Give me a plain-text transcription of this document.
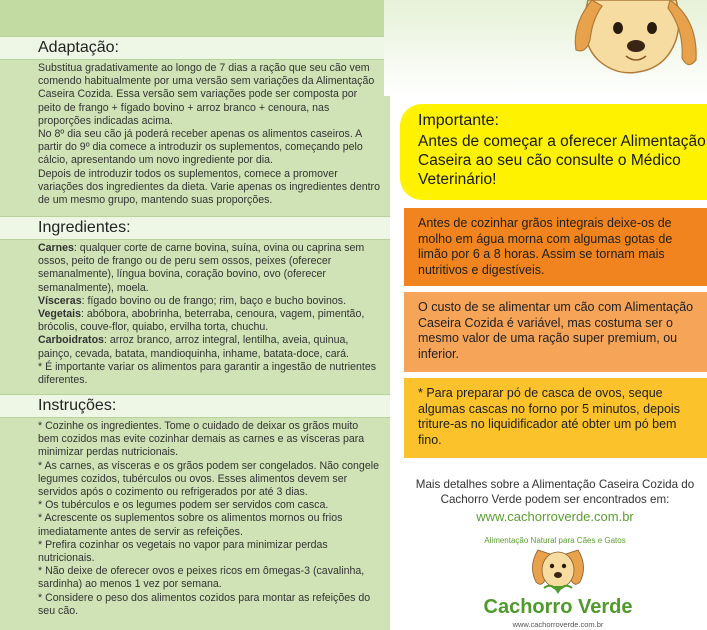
Adaptação:

Substitua gradativamente ao longo de 7 dias a ração que seu cão vem comendo habitualmente por uma versão sem variações da Alimentação Caseira Cozida. Essa versão sem variações pode ser composta por peito de frango + fígado bovino + arroz branco + cenoura, nas proporções indicadas acima.

No 8º dia seu cão já poderá receber apenas os alimentos caseiros. A partir do 9º dia comece a introduzir os suplementos, começando pelo cálcio, apresentando um novo ingrediente por dia.

Depois de introduzir todos os suplementos, comece a promover variações dos ingredientes da dieta. Varie apenas os ingredientes dentro de um mesmo grupo, mantendo suas proporções.

Ingredientes:

Carnes: qualquer corte de carne bovina, suína, ovina ou caprina sem ossos, peito de frango ou de peru sem ossos, peixes (oferecer semanalmente), língua bovina, coração bovino, ovo (oferecer semanalmente), moela.

Vísceras: fígado bovino ou de frango; rim, baço e bucho bovinos.

Vegetais: abóbora, abobrinha, beterraba, cenoura, vagem, pimentão, brócolis, couve-flor, quiabo, ervilha torta, chuchu.

Carboidratos: arroz branco, arroz integral, lentilha, aveia, quinua, painço, cevada, batata, mandioquinha, inhame, batata-doce, cará.

* É importante variar os alimentos para garantir a ingestão de nutrientes diferentes.

Instruções:

* Cozinhe os ingredientes. Tome o cuidado de deixar os grãos muito bem cozidos mas evite cozinhar demais as carnes e as vísceras para minimizar perdas nutricionais.

* As carnes, as vísceras e os grãos podem ser congelados. Não congele legumes cozidos, tubérculos ou ovos. Esses alimentos devem ser servidos após o cozimento ou refrigerados por até 3 dias.

* Os tubérculos e os legumes podem ser servidos com casca.

* Acrescente os suplementos sobre os alimentos mornos ou frios imediatamente antes de servir as refeições.

* Prefira cozinhar os vegetais no vapor para minimizar perdas nutricionais.

* Não deixe de oferecer ovos e peixes ricos em ômegas-3 (cavalinha, sardinha) ao menos 1 vez por semana.

* Considere o peso dos alimentos cozidos para montar as refeições do seu cão.

Importante:
Antes de começar a oferecer Alimentação Caseira ao seu cão consulte o Médico Veterinário!
Antes de cozinhar grãos integrais deixe-os de molho em água morna com algumas gotas de limão por 6 a 8 horas. Assim se tornam mais nutritivos e digestíveis.
O custo de se alimentar um cão com Alimentação Caseira Cozida é variável, mas costuma ser o mesmo valor de uma ração super premium, ou inferior.
* Para preparar pó de casca de ovos, seque algumas cascas no forno por 5 minutos, depois triture-as no liquidificador até obter um pó bem fino.
Mais detalhes sobre a Alimentação Caseira Cozida do Cachorro Verde podem ser encontrados em:
www.cachorroverde.com.br
Alimentação Natural para Cães e Gatos
Cachorro Verde
www.cachorroverde.com.br
